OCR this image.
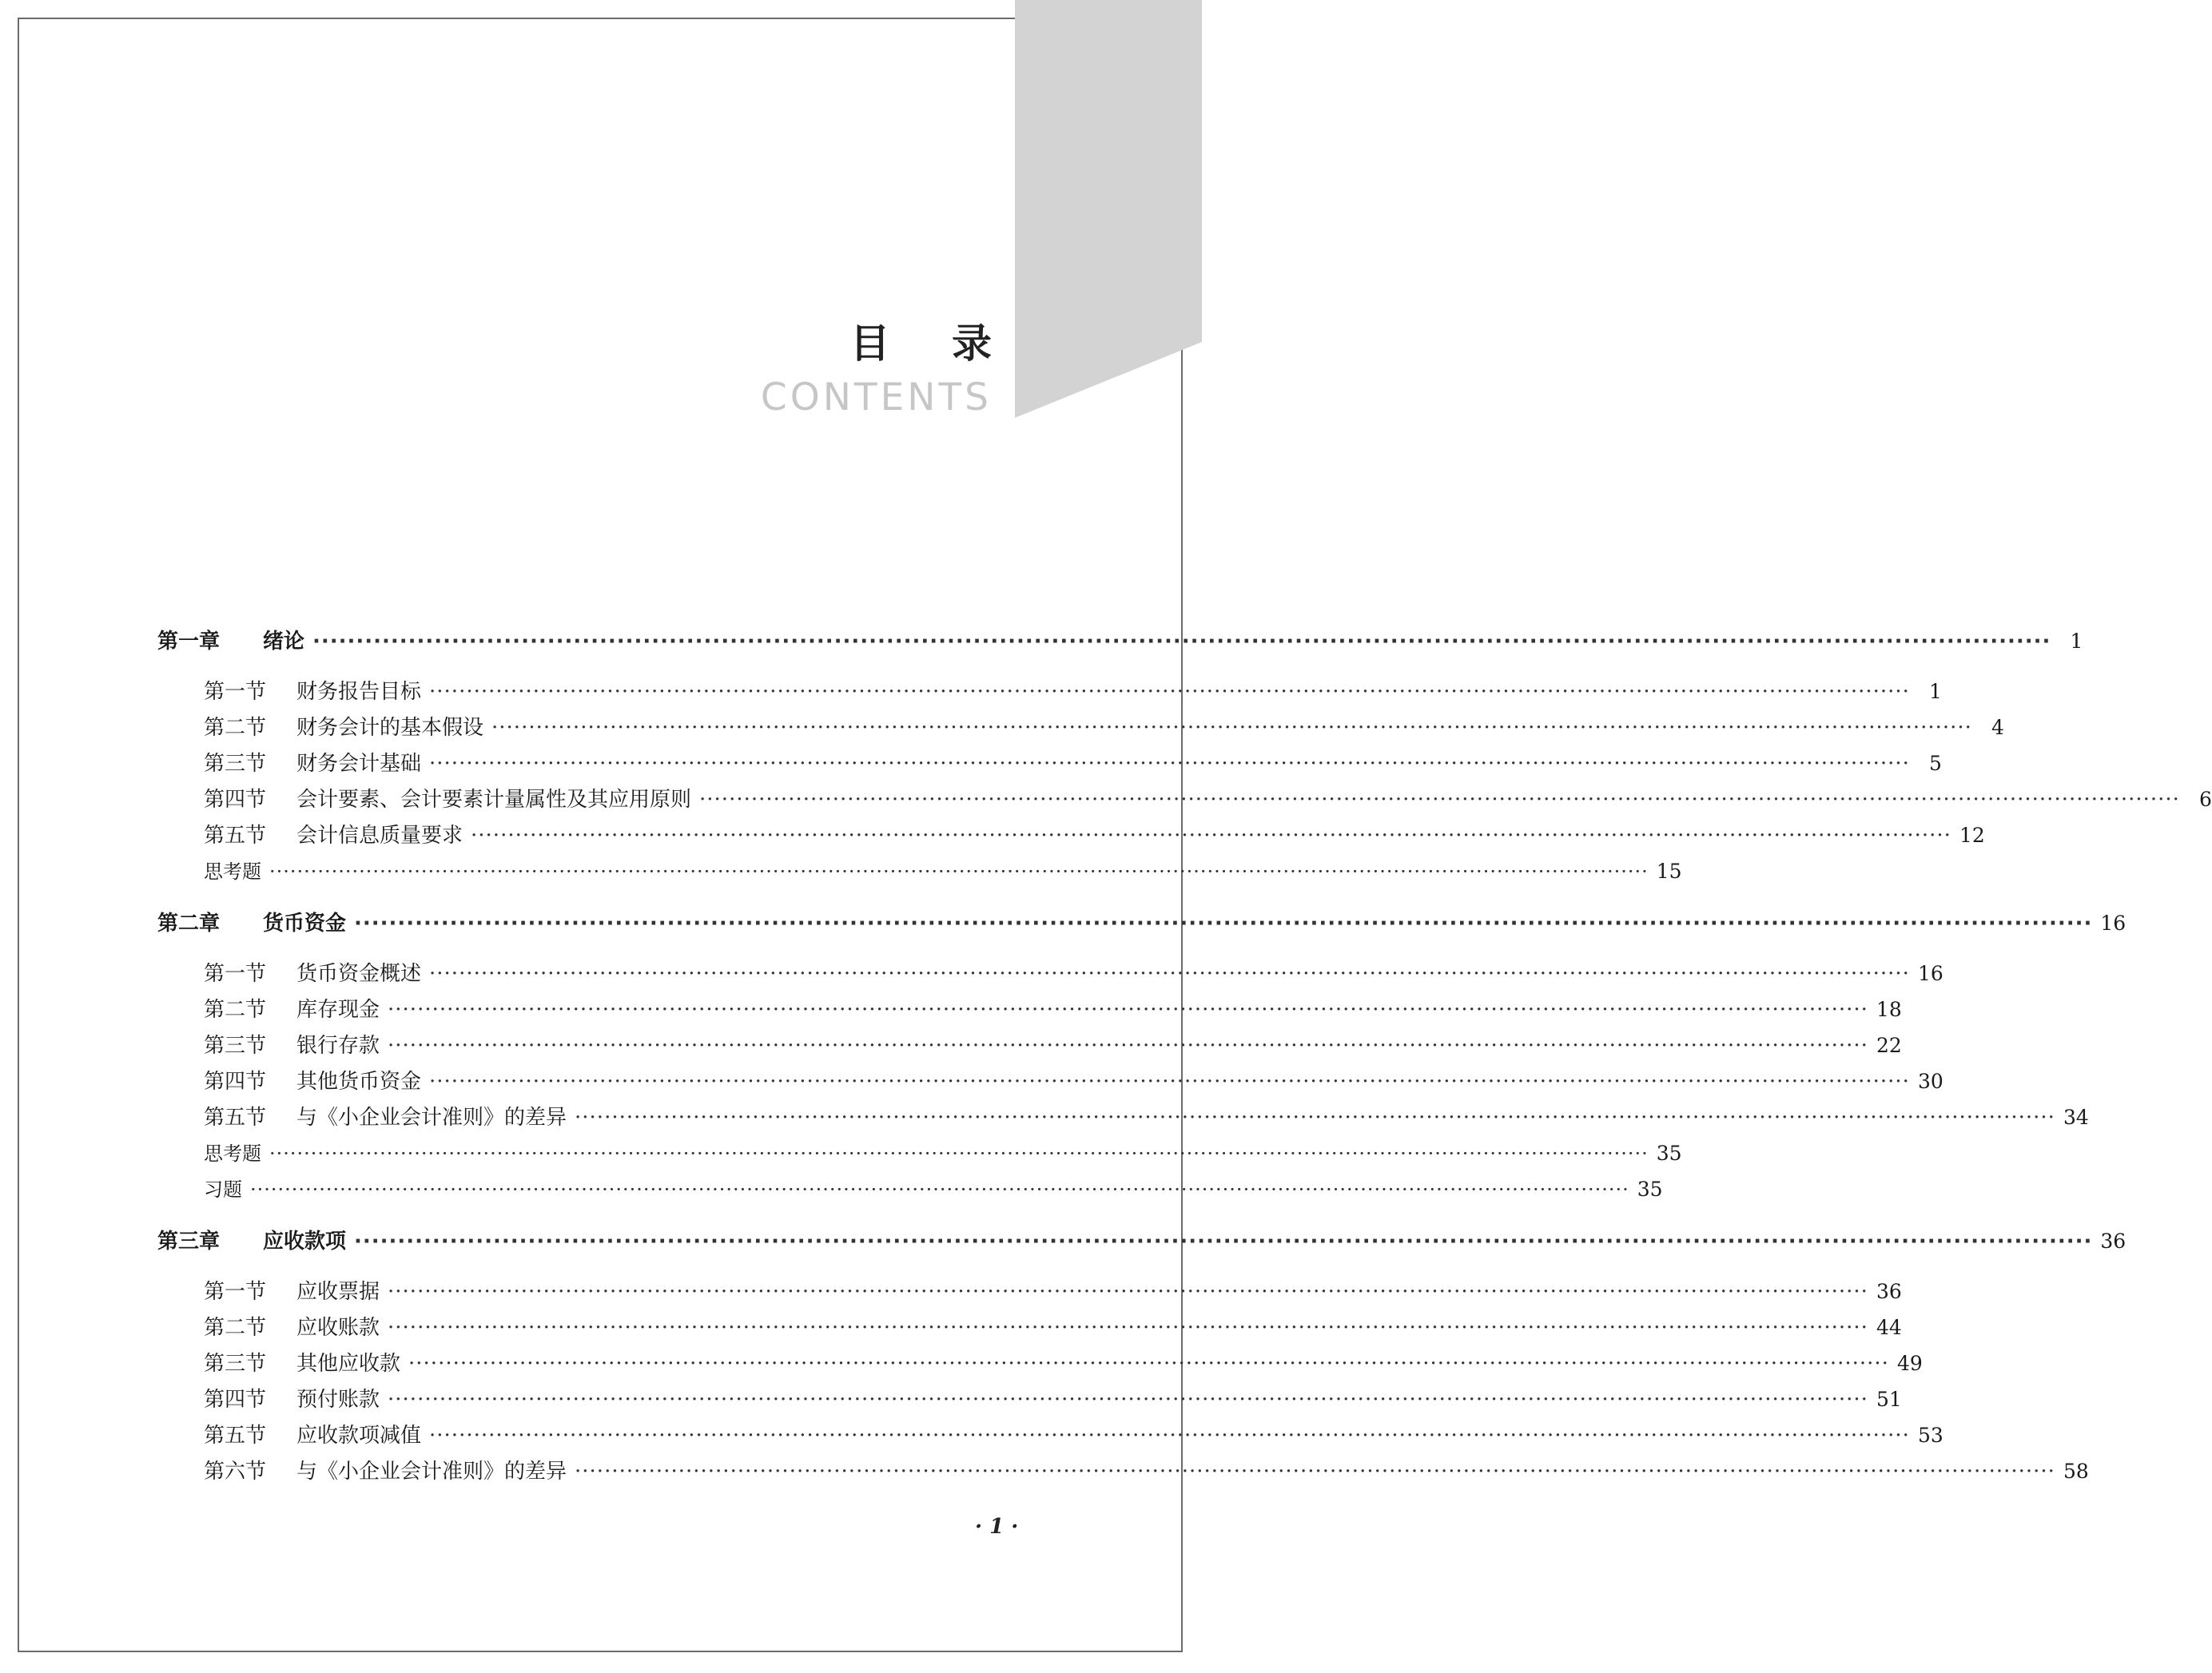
目 录
CONTENTS
第一章 绪论 ········································································································································································································ 1
第一节 财务报告目标 ········································································································································································································ 1
第二节 财务会计的基本假设 ········································································································································································································ 4
第三节 财务会计基础 ········································································································································································································ 5
第四节 会计要素、会计要素计量属性及其应用原则 ········································································································································································································ 6
第五节 会计信息质量要求 ········································································································································································································ 12
思考题 ········································································································································································································ 15
第二章 货币资金 ········································································································································································································ 16
第一节 货币资金概述 ········································································································································································································ 16
第二节 库存现金 ········································································································································································································ 18
第三节 银行存款 ········································································································································································································ 22
第四节 其他货币资金 ········································································································································································································ 30
第五节 与《小企业会计准则》的差异 ········································································································································································································ 34
思考题 ········································································································································································································ 35
习题 ········································································································································································································ 35
第三章 应收款项 ········································································································································································································ 36
第一节 应收票据 ········································································································································································································ 36
第二节 应收账款 ········································································································································································································ 44
第三节 其他应收款 ········································································································································································································ 49
第四节 预付账款 ········································································································································································································ 51
第五节 应收款项减值 ········································································································································································································ 53
第六节 与《小企业会计准则》的差异 ········································································································································································································ 58
· 1 ·
